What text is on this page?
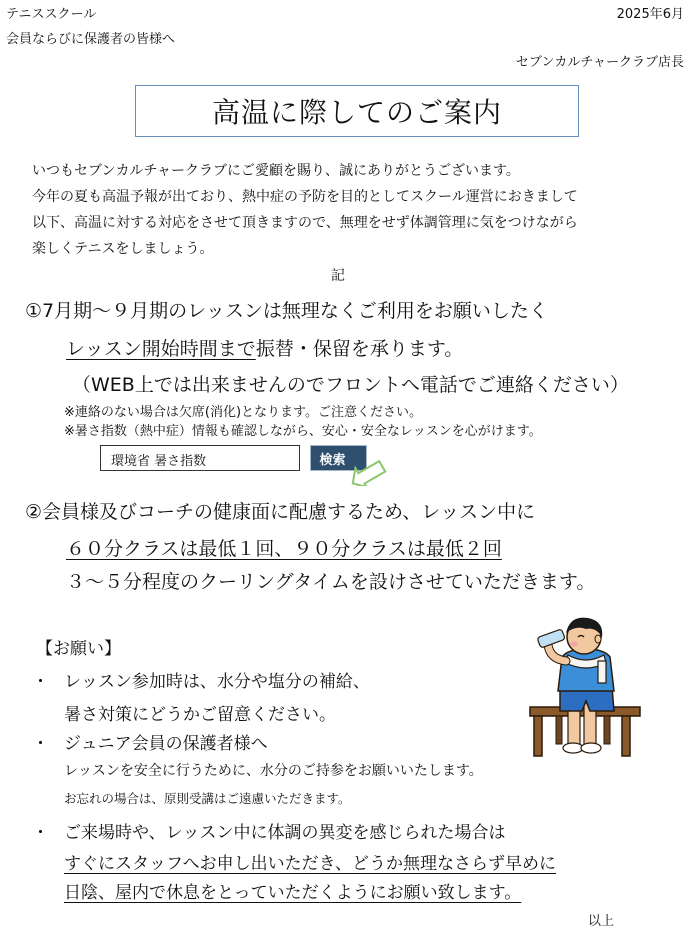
テニススクール	2025年6月
会員ならびに保護者の皆様へ
セブンカルチャークラブ店長
高温に際してのご案内
いつもセブンカルチャークラブにご愛顧を賜り、誠にありがとうございます。
今年の夏も高温予報が出ており、熱中症の予防を目的としてスクール運営におきまして
以下、高温に対する対応をさせて頂きますので、無理をせず体調管理に気をつけながら
楽しくテニスをしましょう。
記
①7月期～９月期のレッスンは無理なくご利用をお願いしたく
レッスン開始時間まで振替・保留を承ります。
（WEB上では出来ませんのでフロントへ電話でご連絡ください）
※連絡のない場合は欠席(消化)となります。ご注意ください。
※暑さ指数（熱中症）情報も確認しながら、安心・安全なレッスンを心がけます。
環境省 暑さ指数	検索
②会員様及びコーチの健康面に配慮するため、レッスン中に
６０分クラスは最低１回、９０分クラスは最低２回
３～５分程度のクーリングタイムを設けさせていただきます。
【お願い】
・ レッスン参加時は、水分や塩分の補給、
暑さ対策にどうかご留意ください。
・ ジュニア会員の保護者様へ
レッスンを安全に行うために、水分のご持参をお願いいたします。
お忘れの場合は、原則受講はご遠慮いただきます。
・ ご来場時や、レッスン中に体調の異変を感じられた場合は
すぐにスタッフへお申し出いただき、どうか無理なさらず早めに
日陰、屋内で休息をとっていただくようにお願い致します。
以上
